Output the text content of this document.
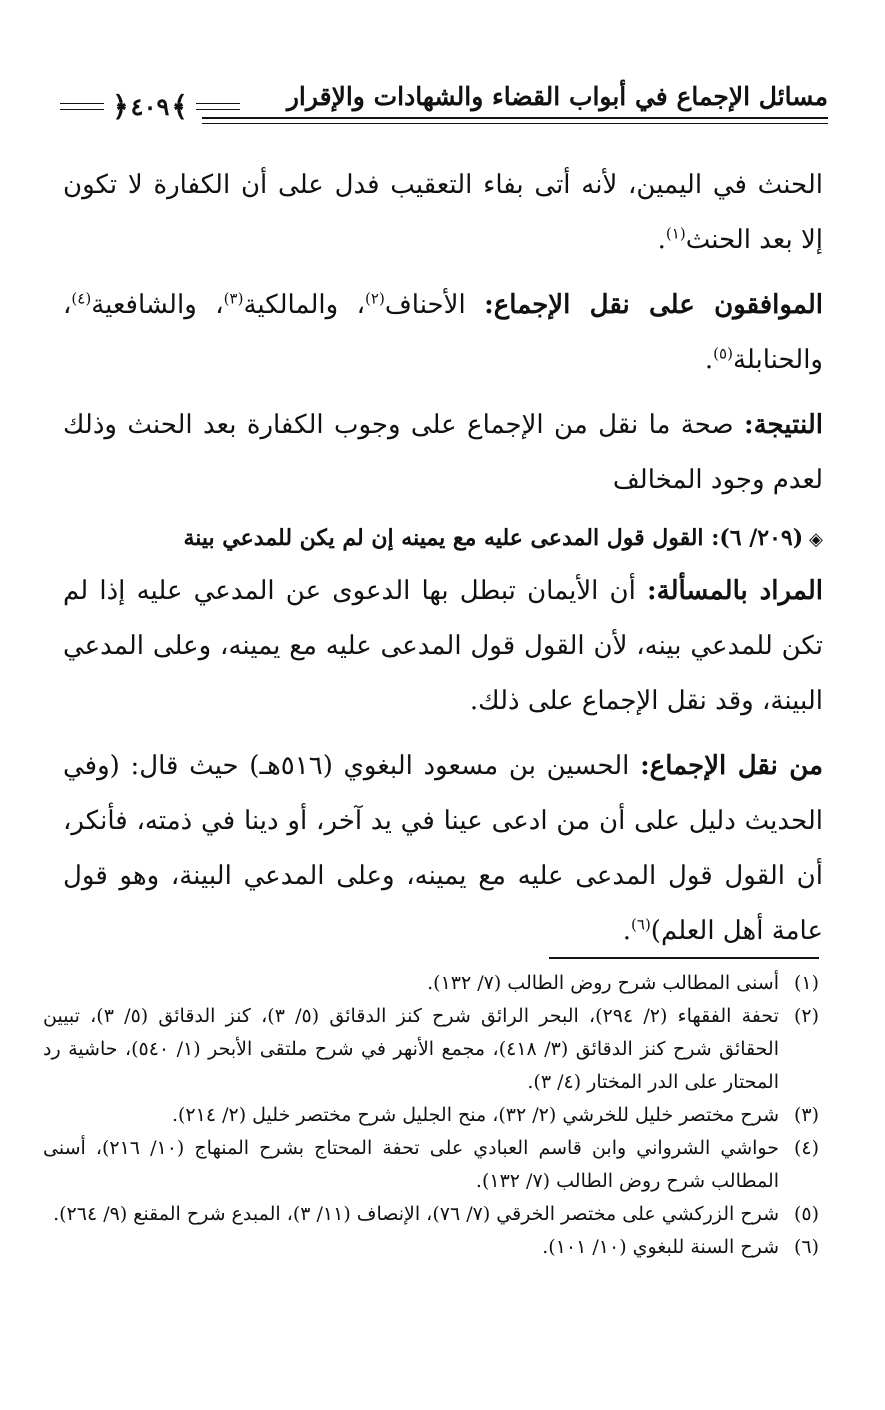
مسائل الإجماع في أبواب القضاء والشهادات والإقرار
﴾
٤٠٩
﴿

الحنث في اليمين، لأنه أتى بفاء التعقيب فدل على أن الكفارة لا تكون إلا بعد الحنث$^{(١)}$.

الموافقون على نقل الإجماع: الأحناف$^{(٢)}$، والمالكية$^{(٣)}$، والشافعية$^{(٤)}$، والحنابلة$^{(٥)}$.

النتيجة: صحة ما نقل من الإجماع على وجوب الكفارة بعد الحنث وذلك لعدم وجود المخالف

◈(٢٠٩/ ٦): القول قول المدعى عليه مع يمينه إن لم يكن للمدعي بينة

المراد بالمسألة: أن الأيمان تبطل بها الدعوى عن المدعي عليه إذا لم تكن للمدعي بينه، لأن القول قول المدعى عليه مع يمينه، وعلى المدعي البينة، وقد نقل الإجماع على ذلك.

من نقل الإجماع: الحسين بن مسعود البغوي (٥١٦هـ) حيث قال: (وفي الحديث دليل على أن من ادعى عينا في يد آخر، أو دينا في ذمته، فأنكر، أن القول قول المدعى عليه مع يمينه، وعلى المدعي البينة، وهو قول عامة أهل العلم)$^{(٦)}$.

(١)
أسنى المطالب شرح روض الطالب (٧/ ١٣٢).

(٢)
تحفة الفقهاء (٢/ ٢٩٤)، البحر الرائق شرح كنز الدقائق (٥/ ٣)، كنز الدقائق (٥/ ٣)، تبيين الحقائق شرح كنز الدقائق (٣/ ٤١٨)، مجمع الأنهر في شرح ملتقى الأبحر (١/ ٥٤٠)، حاشية رد المحتار على الدر المختار (٤/ ٣).

(٣)
شرح مختصر خليل للخرشي (٢/ ٣٢)، منح الجليل شرح مختصر خليل (٢/ ٢١٤).

(٤)
حواشي الشرواني وابن قاسم العبادي على تحفة المحتاج بشرح المنهاج (١٠/ ٢١٦)، أسنى المطالب شرح روض الطالب (٧/ ١٣٢).

(٥)
شرح الزركشي على مختصر الخرقي (٧/ ٧٦)، الإنصاف (١١/ ٣)، المبدع شرح المقنع (٩/ ٢٦٤).

(٦)
شرح السنة للبغوي (١٠/ ١٠١).
